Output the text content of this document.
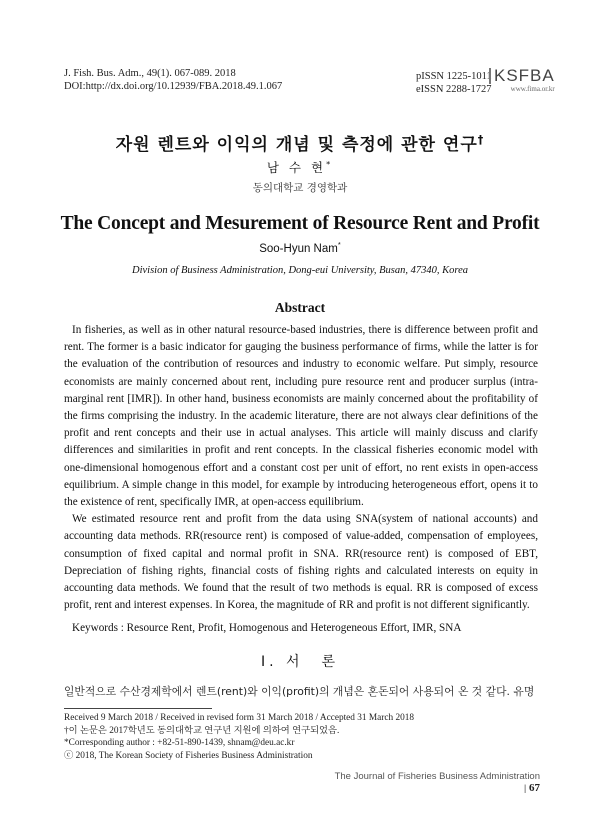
J. Fish. Bus. Adm., 49(1). 067-089. 2018
DOI:http://dx.doi.org/10.12939/FBA.2018.49.1.067
pISSN 1225-1011
eISSN 2288-1727
KSFBA
www.fima.or.kr
자원 렌트와 이익의 개념 및 측정에 관한 연구†
남 수 현*
동의대학교 경영학과
The Concept and Mesurement of Resource Rent and Profit
Soo-Hyun Nam*
Division of Business Administration, Dong-eui University, Busan, 47340, Korea
Abstract

In fisheries, as well as in other natural resource-based industries, there is difference between profit and rent. The former is a basic indicator for gauging the business performance of firms, while the latter is for the evaluation of the contribution of resources and industry to economic welfare. Put simply, resource economists are mainly concerned about rent, including pure resource rent and producer surplus (intra-marginal rent [IMR]). In other hand, business economists are mainly concerned about the profitability of the firms comprising the industry. In the academic literature, there are not always clear definitions of the profit and rent concepts and their use in actual analyses. This article will mainly discuss and clarify differences and similarities in profit and rent concepts. In the classical fisheries economic model with one-dimensional homogenous effort and a constant cost per unit of effort, no rent exists in open-access equilibrium. A simple change in this model, for example by introducing heterogeneous effort, opens it to the existence of rent, specifically IMR, at open-access equilibrium.

We estimated resource rent and profit from the data using SNA(system of national accounts) and accounting data methods. RR(resource rent) is composed of value-added, compensation of employees, consumption of fixed capital and normal profit in SNA. RR(resource rent) is composed of EBT, Depreciation of fishing rights, financial costs of fishing rights and calculated interests on equity in accounting data methods. We found that the result of two methods is equal. RR is composed of excess profit, rent and interest expenses. In Korea, the magnitude of RR and profit is not different significantly.

Keywords : Resource Rent, Profit, Homogenous and Heterogeneous Effort, IMR, SNA
Ⅰ. 서　론
일반적으로 수산경제학에서 렌트(rent)와 이익(profit)의 개념은 혼돈되어 사용되어 온 것 같다. 유명
Received 9 March 2018 / Received in revised form 31 March 2018 / Accepted 31 March 2018
†이 논문은 2017학년도 동의대학교 연구년 지원에 의하여 연구되었음.
*Corresponding author : +82-51-890-1439, shnam@deu.ac.kr
ⓒ 2018, The Korean Society of Fisheries Business Administration
The Journal of Fisheries Business Administration | 67
